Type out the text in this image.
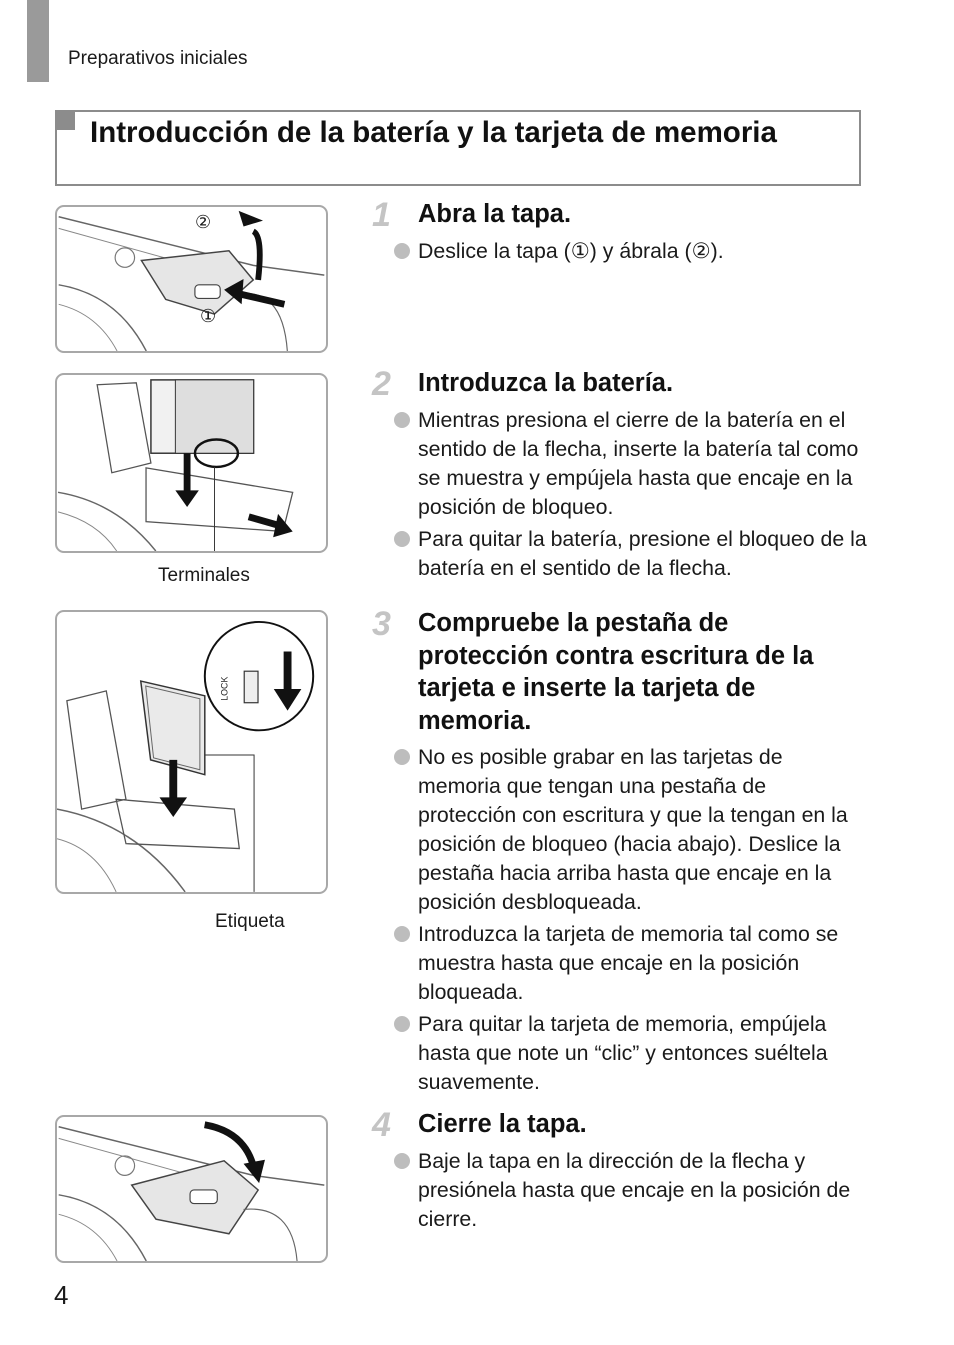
Preparativos iniciales
Introducción de la batería y la tarjeta de memoria
②
①
Terminales
LOCK
Etiqueta
1 Abra la tapa.
Deslice la tapa (①) y ábrala (②).
2 Introduzca la batería.
Mientras presiona el cierre de la batería en el sentido de la flecha, inserte la batería tal como se muestra y empújela hasta que encaje en la posición de bloqueo.
Para quitar la batería, presione el bloqueo de la batería en el sentido de la flecha.
3 Compruebe la pestaña de protección contra escritura de la tarjeta e inserte la tarjeta de memoria.
No es posible grabar en las tarjetas de memoria que tengan una pestaña de protección con escritura y que la tengan en la posición de bloqueo (hacia abajo). Deslice la pestaña hacia arriba hasta que encaje en la posición desbloqueada.
Introduzca la tarjeta de memoria tal como se muestra hasta que encaje en la posición bloqueada.
Para quitar la tarjeta de memoria, empújela hasta que note un “clic” y entonces suéltela suavemente.
4 Cierre la tapa.
Baje la tapa en la dirección de la flecha y presiónela hasta que encaje en la posición de cierre.
4
